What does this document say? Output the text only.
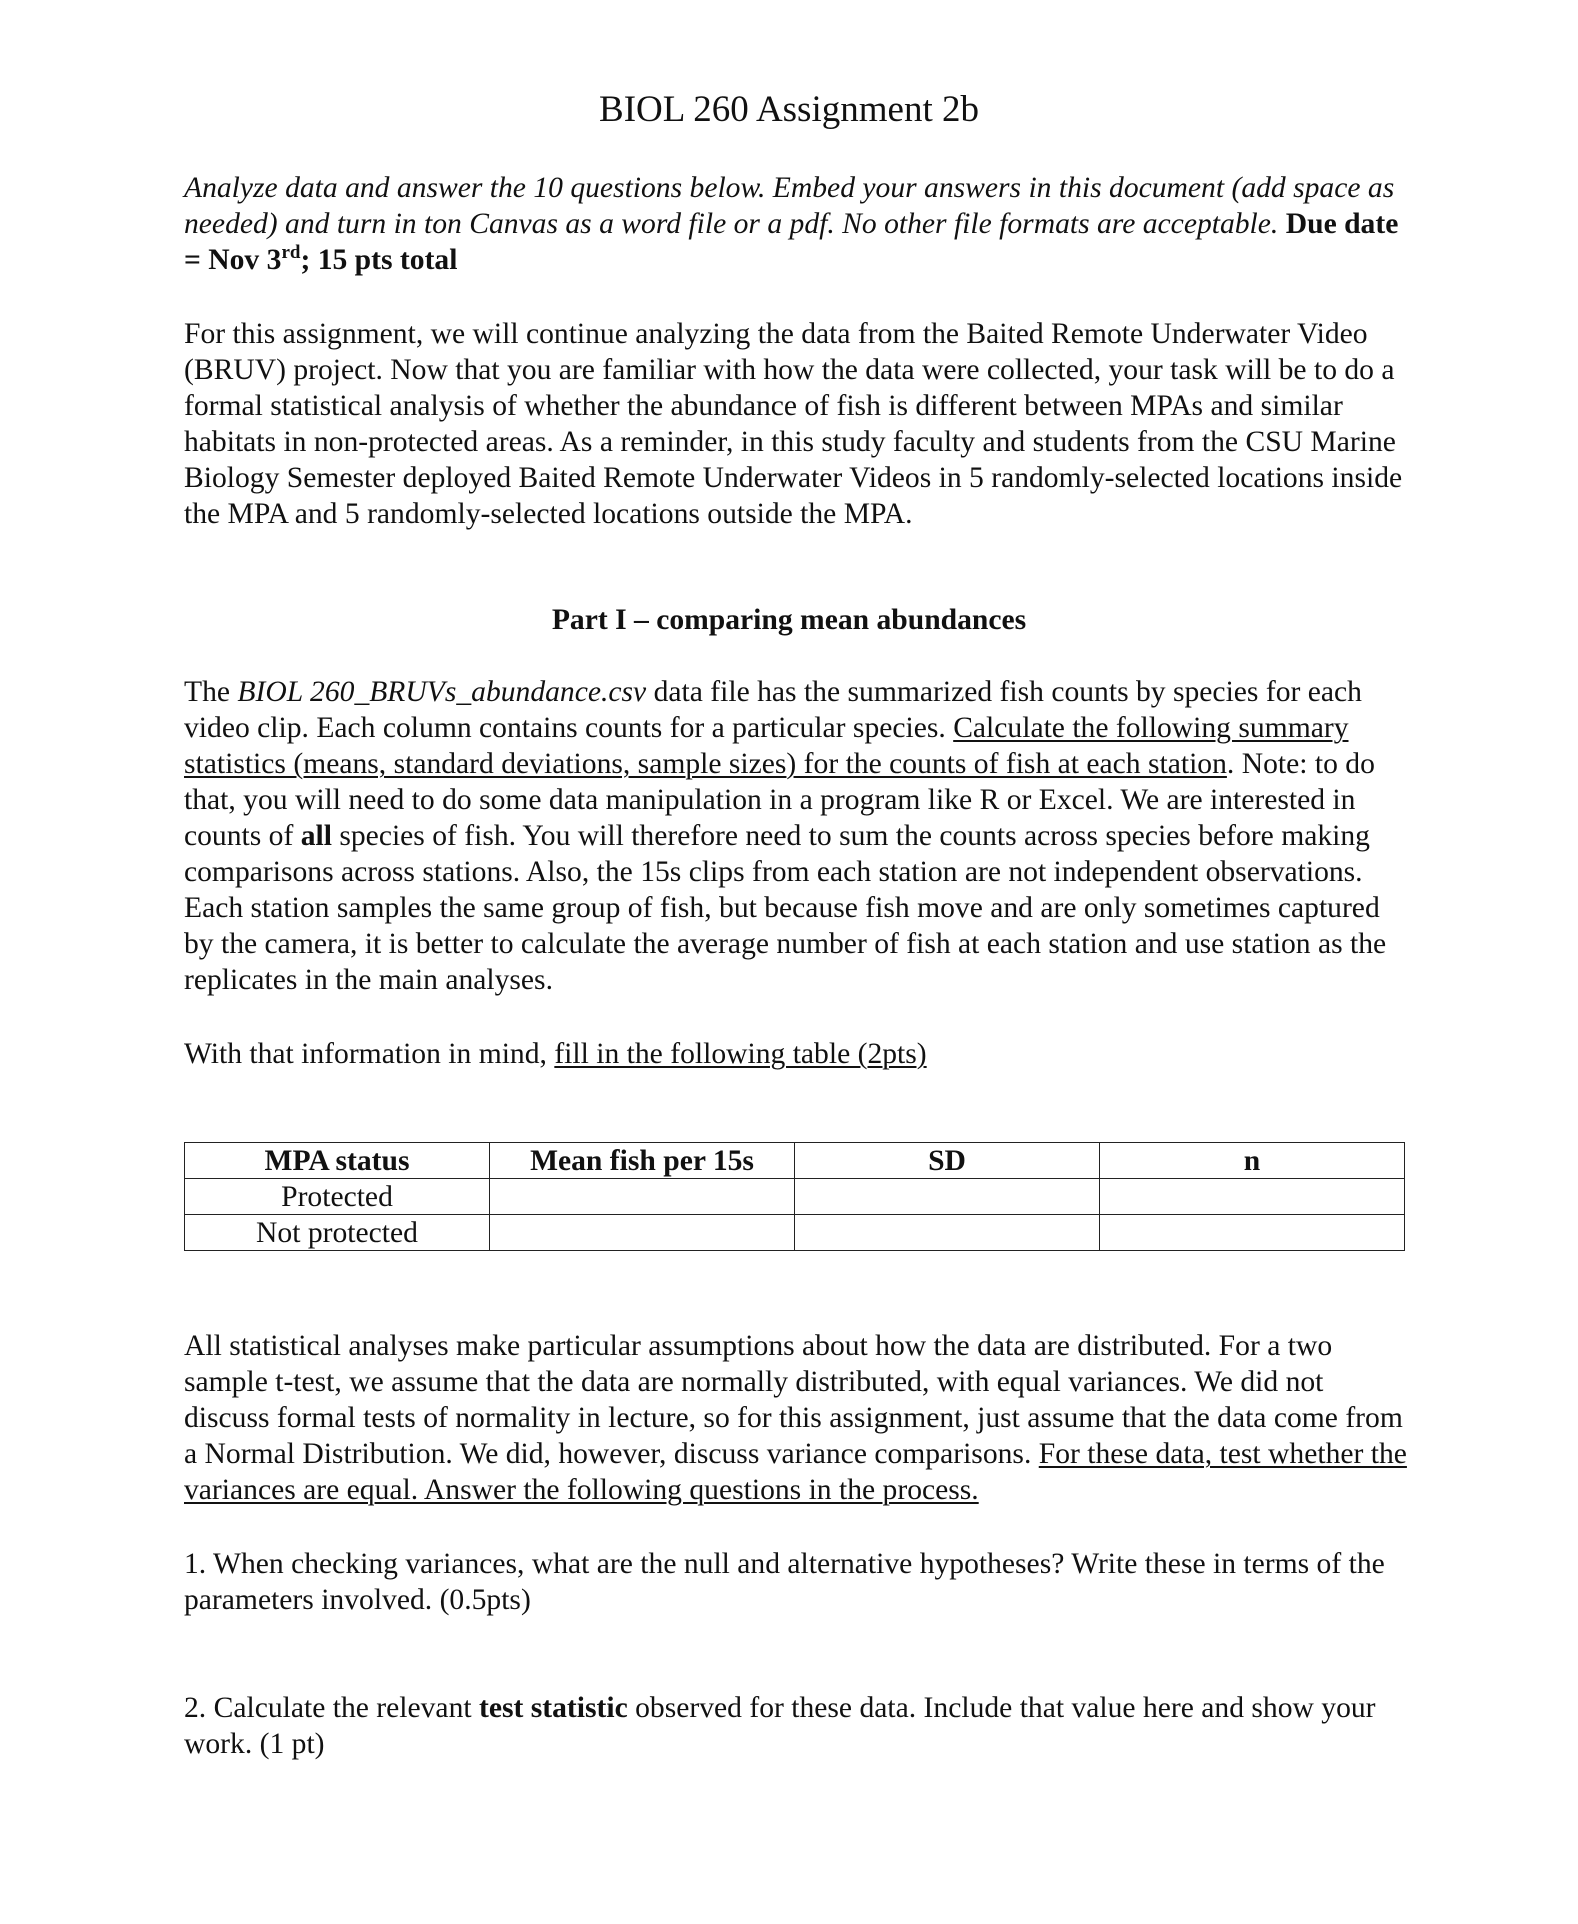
BIOL 260 Assignment 2b
Analyze data and answer the 10 questions below. Embed your answers in this document (add space as needed) and turn in ton Canvas as a word file or a pdf. No other file formats are acceptable. Due date = Nov 3rd; 15 pts total
For this assignment, we will continue analyzing the data from the Baited Remote Underwater Video (BRUV) project. Now that you are familiar with how the data were collected, your task will be to do a formal statistical analysis of whether the abundance of fish is different between MPAs and similar habitats in non-protected areas. As a reminder, in this study faculty and students from the CSU Marine Biology Semester deployed Baited Remote Underwater Videos in 5 randomly-selected locations inside the MPA and 5 randomly-selected locations outside the MPA.
Part I – comparing mean abundances
The BIOL 260_BRUVs_abundance.csv data file has the summarized fish counts by species for each video clip. Each column contains counts for a particular species. Calculate the following summary statistics (means, standard deviations, sample sizes) for the counts of fish at each station. Note: to do that, you will need to do some data manipulation in a program like R or Excel. We are interested in counts of all species of fish. You will therefore need to sum the counts across species before making comparisons across stations. Also, the 15s clips from each station are not independent observations. Each station samples the same group of fish, but because fish move and are only sometimes captured by the camera, it is better to calculate the average number of fish at each station and use station as the replicates in the main analyses.
With that information in mind, fill in the following table (2pts)
MPA status	Mean fish per 15s	SD	n
Protected			
Not protected			
All statistical analyses make particular assumptions about how the data are distributed. For a two sample t-test, we assume that the data are normally distributed, with equal variances. We did not discuss formal tests of normality in lecture, so for this assignment, just assume that the data come from a Normal Distribution. We did, however, discuss variance comparisons. For these data, test whether the variances are equal. Answer the following questions in the process.
1. When checking variances, what are the null and alternative hypotheses? Write these in terms of the parameters involved. (0.5pts)
2. Calculate the relevant test statistic observed for these data. Include that value here and show your work. (1 pt)
